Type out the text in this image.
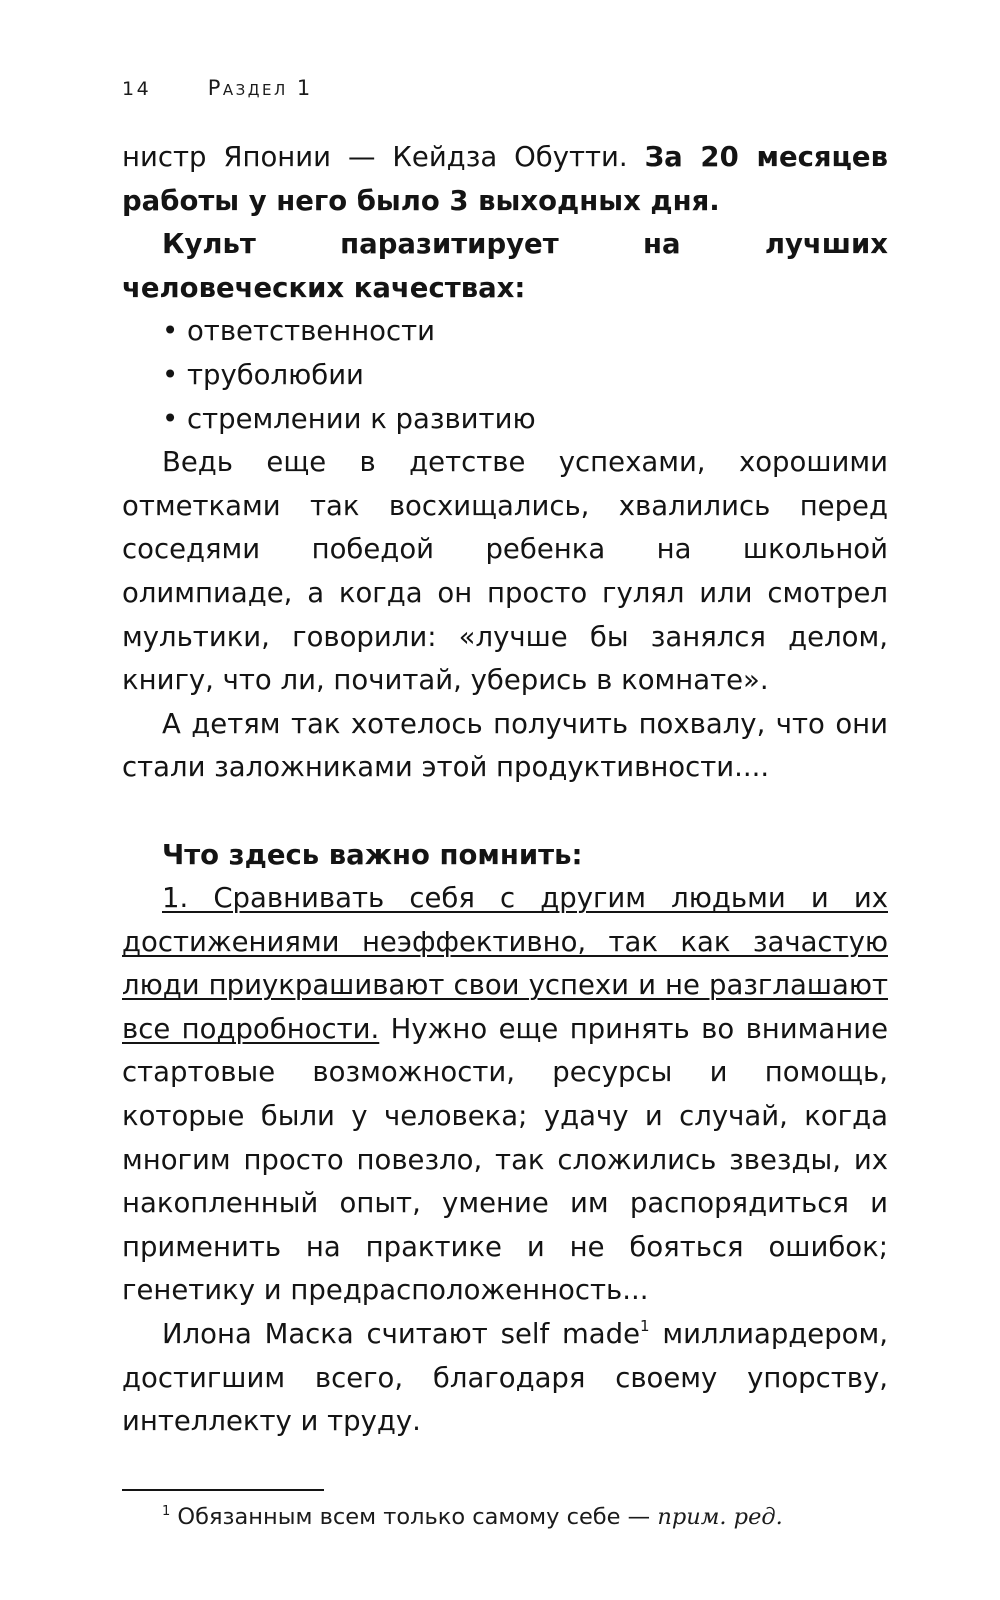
14	Раздел 1

нистр Японии — Кейдза Обутти. За 20 месяцев работы у него было 3 выходных дня.

Культ паразитирует на лучших человеческих качествах:

• ответственности
• труболюбии
• стремлении к развитию

Ведь еще в детстве успехами, хорошими отметками так восхищались, хвалились перед соседями победой ребенка на школьной олимпиаде, а когда он просто гулял или смотрел мультики, говорили: «лучше бы занялся делом, книгу, что ли, почитай, уберись в комнате».

А детям так хотелось получить похвалу, что они стали заложниками этой продуктивности....

Что здесь важно помнить:

1. Сравнивать себя с другим людьми и их достижениями неэффективно, так как зачастую люди приукрашивают свои успехи и не разглашают все подробности. Нужно еще принять во внимание стартовые возможности, ресурсы и помощь, которые были у человека; удачу и случай, когда многим просто повезло, так сложились звезды, их накопленный опыт, умение им распорядиться и применить на практике и не бояться ошибок; генетику и предрасположенность...

Илона Маска считают self made$^1$ миллиардером, достигшим всего, благодаря своему упорству, интеллекту и труду.

$^1$ Обязанным всем только самому себе — прим. ред.
